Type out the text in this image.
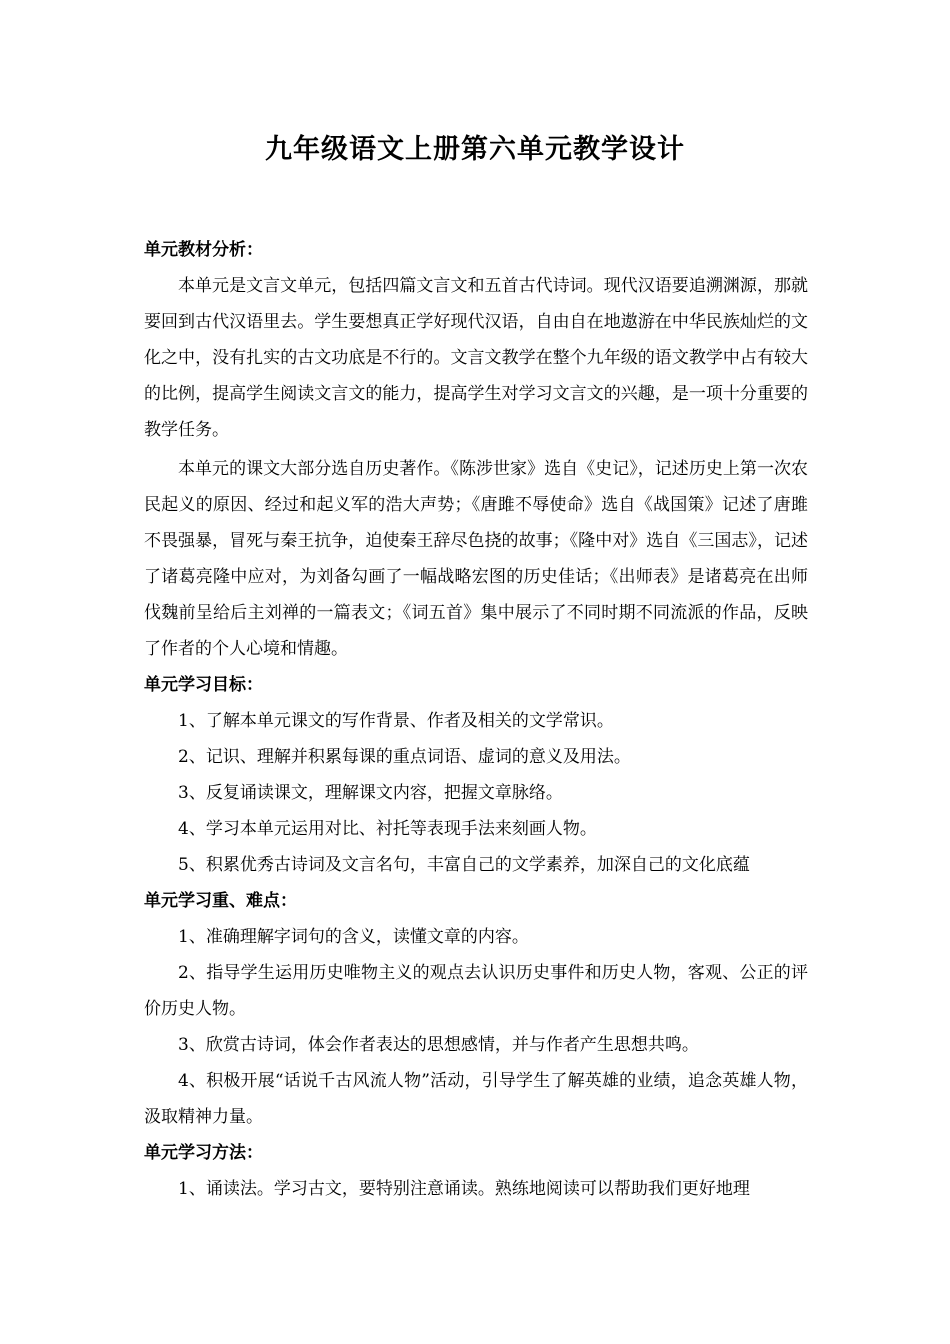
九年级语文上册第六单元教学设计

单元教材分析：

本单元是文言文单元，包括四篇文言文和五首古代诗词。现代汉语要追溯渊源，那就要回到古代汉语里去。学生要想真正学好现代汉语，自由自在地遨游在中华民族灿烂的文化之中，没有扎实的古文功底是不行的。文言文教学在整个九年级的语文教学中占有较大的比例，提高学生阅读文言文的能力，提高学生对学习文言文的兴趣，是一项十分重要的教学任务。

本单元的课文大部分选自历史著作。《陈涉世家》选自《史记》，记述历史上第一次农民起义的原因、经过和起义军的浩大声势；《唐雎不辱使命》选自《战国策》记述了唐雎不畏强暴，冒死与秦王抗争，迫使秦王辞尽色挠的故事；《隆中对》选自《三国志》，记述了诸葛亮隆中应对，为刘备勾画了一幅战略宏图的历史佳话；《出师表》是诸葛亮在出师伐魏前呈给后主刘禅的一篇表文；《词五首》集中展示了不同时期不同流派的作品，反映了作者的个人心境和情趣。

单元学习目标：

1、了解本单元课文的写作背景、作者及相关的文学常识。

2、记识、理解并积累每课的重点词语、虚词的意义及用法。

3、反复诵读课文，理解课文内容，把握文章脉络。

4、学习本单元运用对比、衬托等表现手法来刻画人物。

5、积累优秀古诗词及文言名句，丰富自己的文学素养，加深自己的文化底蕴

单元学习重、难点：

1、准确理解字词句的含义，读懂文章的内容。

2、指导学生运用历史唯物主义的观点去认识历史事件和历史人物，客观、公正的评价历史人物。

3、欣赏古诗词，体会作者表达的思想感情，并与作者产生思想共鸣。

4、积极开展“话说千古风流人物”活动，引导学生了解英雄的业绩，追念英雄人物，汲取精神力量。

单元学习方法：

1、诵读法。学习古文，要特别注意诵读。熟练地阅读可以帮助我们更好地理
